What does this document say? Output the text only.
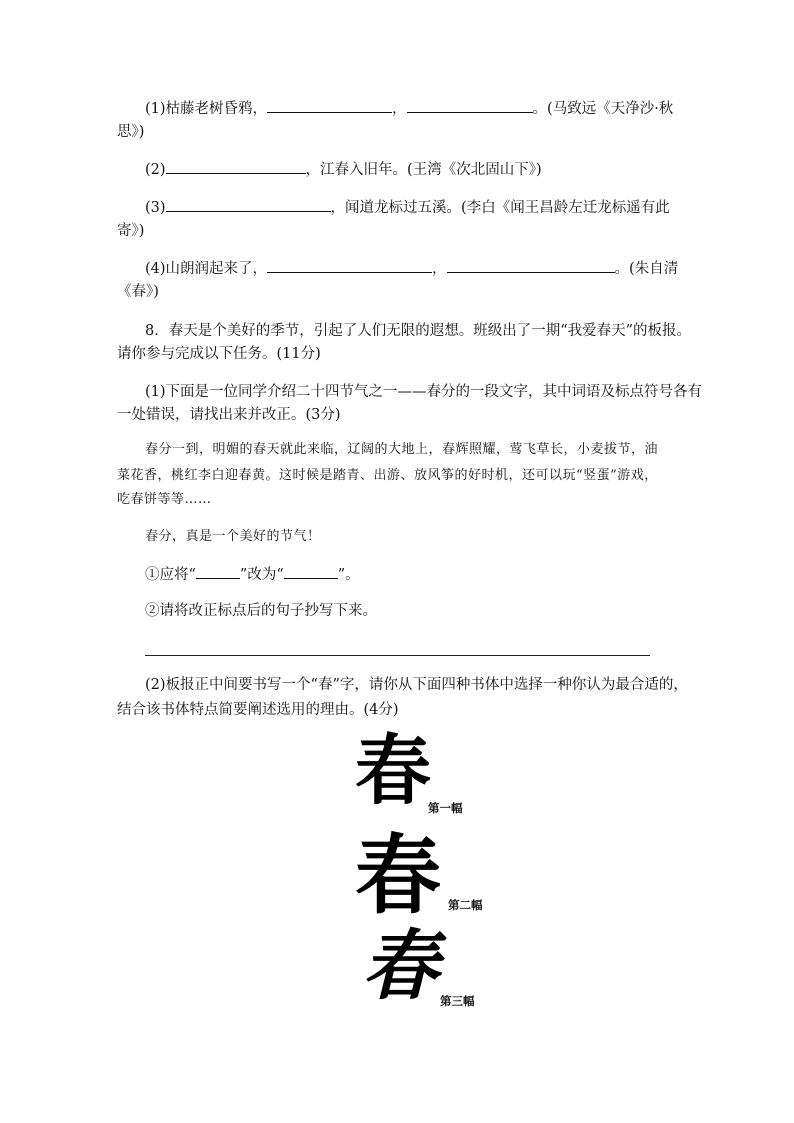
(1)枯藤老树昏鸦，	，	。(马致远《天净沙·秋
思》)
(2)	，江春入旧年。(王湾《次北固山下》)
(3)	，闻道龙标过五溪。(李白《闻王昌龄左迁龙标遥有此
寄》)
(4)山朗润起来了，	，	。(朱自清
《春》)
8．春天是个美好的季节，引起了人们无限的遐想。班级出了一期“我爱春天”的板报。
请你参与完成以下任务。(11分)
(1)下面是一位同学介绍二十四节气之一——春分的一段文字，其中词语及标点符号各有
一处错误，请找出来并改正。(3分)
春分一到，明媚的春天就此来临，辽阔的大地上，春辉照耀，莺飞草长，小麦拔节，油
菜花香，桃红李白迎春黄。这时候是踏青、出游、放风筝的好时机，还可以玩“竖蛋”游戏，
吃春饼等等……
春分，真是一个美好的节气！
①应将“	”改为“	”。
②请将改正标点后的句子抄写下来。
(2)板报正中间要书写一个“春”字，请你从下面四种书体中选择一种你认为最合适的，
结合该书体特点简要阐述选用的理由。(4分)
春
第一幅
春 第二幅
春 第三幅
